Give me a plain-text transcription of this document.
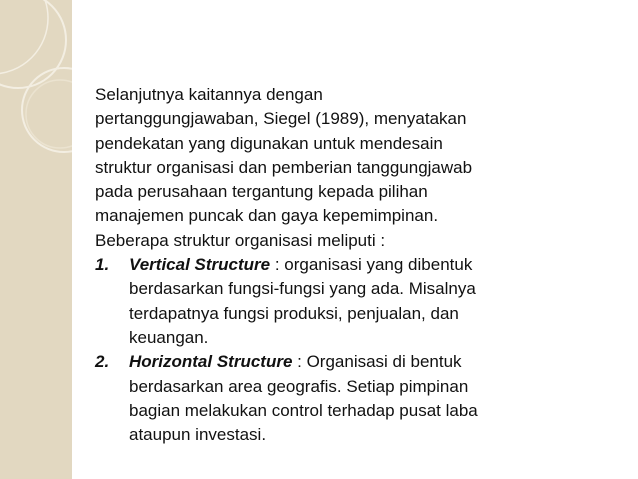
Selanjutnya kaitannya dengan
pertanggungjawaban, Siegel (1989), menyatakan
pendekatan yang digunakan untuk mendesain
struktur organisasi dan pemberian tanggungjawab
pada perusahaan tergantung kepada pilihan
manajemen puncak dan gaya kepemimpinan.
Beberapa struktur organisasi meliputi :

1. Vertical Structure : organisasi yang dibentuk
berdasarkan fungsi-fungsi yang ada. Misalnya
terdapatnya fungsi produksi, penjualan, dan
keuangan.
2. Horizontal Structure : Organisasi di bentuk
berdasarkan area geografis. Setiap pimpinan
bagian melakukan control terhadap pusat laba
ataupun investasi.
